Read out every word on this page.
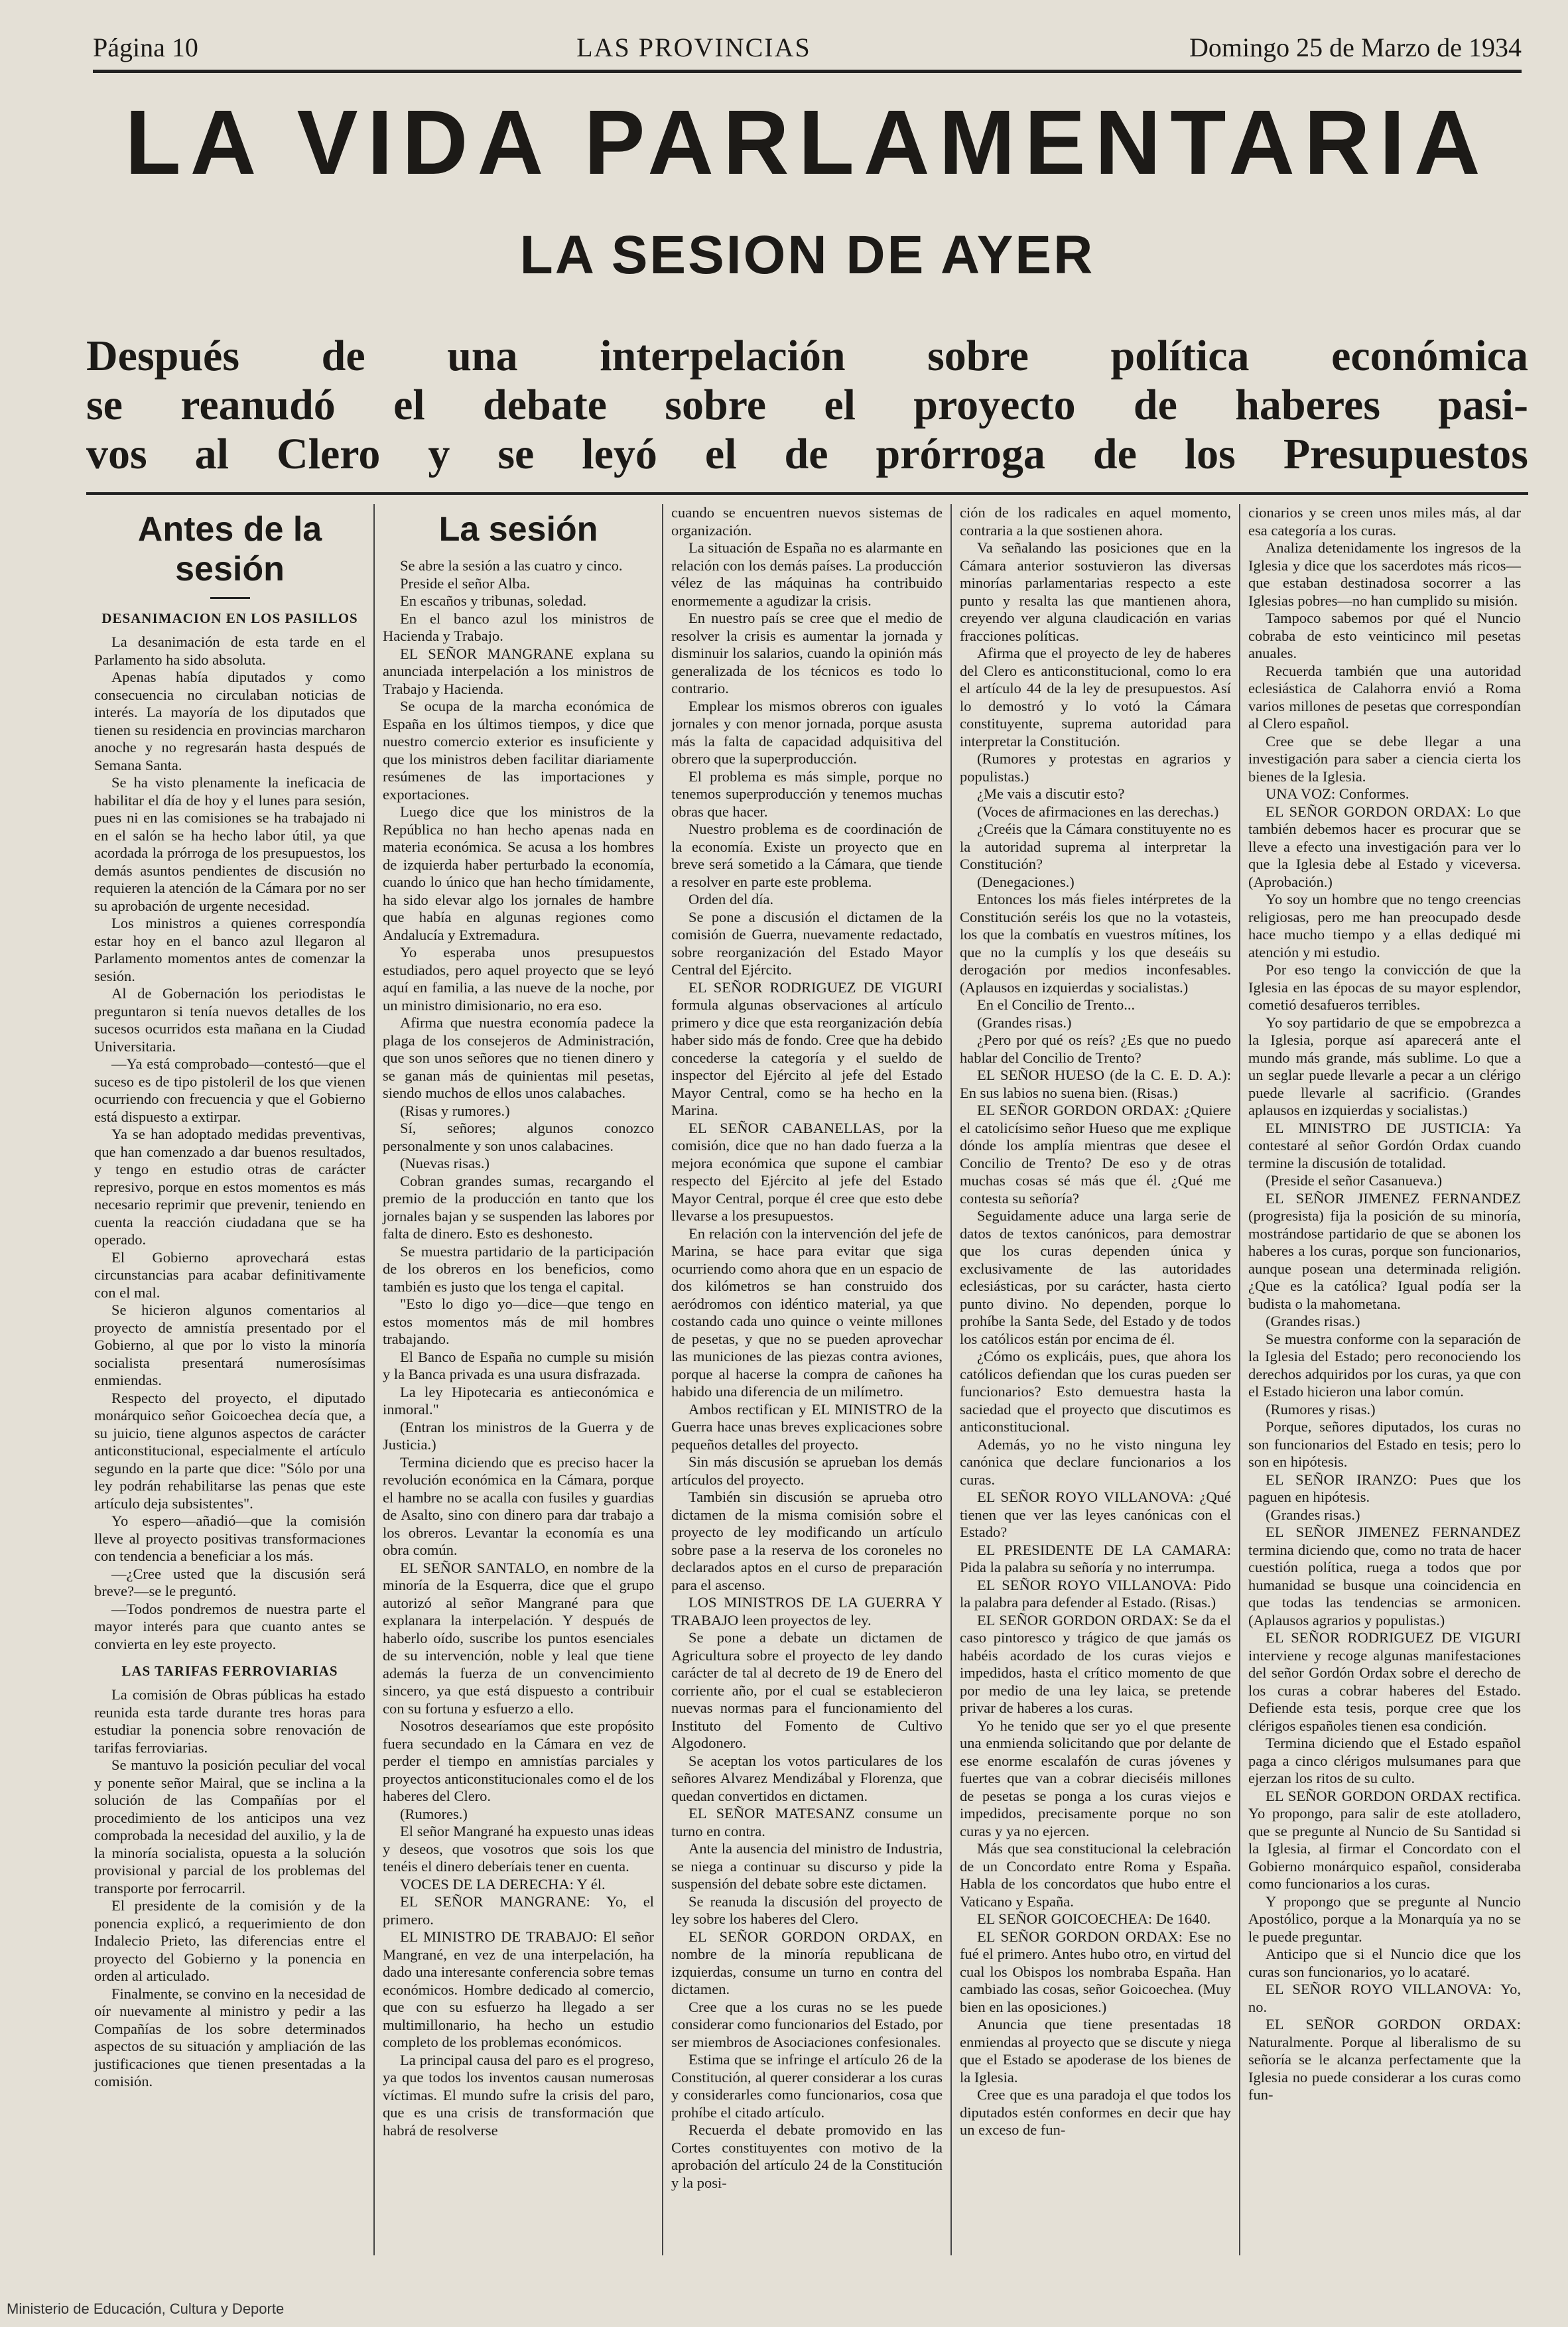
Página 10	LAS PROVINCIAS	Domingo 25 de Marzo de 1934
LA VIDA PARLAMENTARIA
LA SESION DE AYER
Después de una interpelación sobre política económica
se reanudó el debate sobre el proyecto de haberes pasi-
vos al Clero y se leyó el de prórroga de los Presupuestos
Antes de la sesión
DESANIMACION EN LOS PASILLOS

La desanimación de esta tarde en el Parlamento ha sido absoluta.

Apenas había diputados y como consecuencia no circulaban noticias de interés. La mayoría de los diputados que tienen su residencia en provincias marcharon anoche y no regresarán hasta después de Semana Santa.

Se ha visto plenamente la ineficacia de habilitar el día de hoy y el lunes para sesión, pues ni en las comisiones se ha trabajado ni en el salón se ha hecho labor útil, ya que acordada la prórroga de los presupuestos, los demás asuntos pendientes de discusión no requieren la atención de la Cámara por no ser su aprobación de urgente necesidad.

Los ministros a quienes correspondía estar hoy en el banco azul llegaron al Parlamento momentos antes de comenzar la sesión.

Al de Gobernación los periodistas le preguntaron si tenía nuevos detalles de los sucesos ocurridos esta mañana en la Ciudad Universitaria.

—Ya está comprobado—contestó—que el suceso es de tipo pistoleril de los que vienen ocurriendo con frecuencia y que el Gobierno está dispuesto a extirpar.

Ya se han adoptado medidas preventivas, que han comenzado a dar buenos resultados, y tengo en estudio otras de carácter represivo, porque en estos momentos es más necesario reprimir que prevenir, teniendo en cuenta la reacción ciudadana que se ha operado.

El Gobierno aprovechará estas circunstancias para acabar definitivamente con el mal.

Se hicieron algunos comentarios al proyecto de amnistía presentado por el Gobierno, al que por lo visto la minoría socialista presentará numerosísimas enmiendas.

Respecto del proyecto, el diputado monárquico señor Goicoechea decía que, a su juicio, tiene algunos aspectos de carácter anticonstitucional, especialmente el artículo segundo en la parte que dice: "Sólo por una ley podrán rehabilitarse las penas que este artículo deja subsistentes".

Yo espero—añadió—que la comisión lleve al proyecto positivas transformaciones con tendencia a beneficiar a los más.

—¿Cree usted que la discusión será breve?—se le preguntó.

—Todos pondremos de nuestra parte el mayor interés para que cuanto antes se convierta en ley este proyecto.

LAS TARIFAS FERROVIARIAS

La comisión de Obras públicas ha estado reunida esta tarde durante tres horas para estudiar la ponencia sobre renovación de tarifas ferroviarias.

Se mantuvo la posición peculiar del vocal y ponente señor Mairal, que se inclina a la solución de las Compañías por el procedimiento de los anticipos una vez comprobada la necesidad del auxilio, y la de la minoría socialista, opuesta a la solución provisional y parcial de los problemas del transporte por ferrocarril.

El presidente de la comisión y de la ponencia explicó, a requerimiento de don Indalecio Prieto, las diferencias entre el proyecto del Gobierno y la ponencia en orden al articulado.

Finalmente, se convino en la necesidad de oír nuevamente al ministro y pedir a las Compañías de los sobre determinados aspectos de su situación y ampliación de las justificaciones que tienen presentadas a la comisión.

La sesión

Se abre la sesión a las cuatro y cinco.

Preside el señor Alba.

En escaños y tribunas, soledad.

En el banco azul los ministros de Hacienda y Trabajo.

EL SEÑOR MANGRANE explana su anunciada interpelación a los ministros de Trabajo y Hacienda.

Se ocupa de la marcha económica de España en los últimos tiempos, y dice que nuestro comercio exterior es insuficiente y que los ministros deben facilitar diariamente resúmenes de las importaciones y exportaciones.

Luego dice que los ministros de la República no han hecho apenas nada en materia económica. Se acusa a los hombres de izquierda haber perturbado la economía, cuando lo único que han hecho tímidamente, ha sido elevar algo los jornales de hambre que había en algunas regiones como Andalucía y Extremadura.

Yo esperaba unos presupuestos estudiados, pero aquel proyecto que se leyó aquí en familia, a las nueve de la noche, por un ministro dimisionario, no era eso.

Afirma que nuestra economía padece la plaga de los consejeros de Administración, que son unos señores que no tienen dinero y se ganan más de quinientas mil pesetas, siendo muchos de ellos unos calabaches.

(Risas y rumores.)

Sí, señores; algunos conozco personalmente y son unos calabacines.

(Nuevas risas.)

Cobran grandes sumas, recargando el premio de la producción en tanto que los jornales bajan y se suspenden las labores por falta de dinero. Esto es deshonesto.

Se muestra partidario de la participación de los obreros en los beneficios, como también es justo que los tenga el capital.

"Esto lo digo yo—dice—que tengo en estos momentos más de mil hombres trabajando.

El Banco de España no cumple su misión y la Banca privada es una usura disfrazada.

La ley Hipotecaria es antieconómica e inmoral."

(Entran los ministros de la Guerra y de Justicia.)

Termina diciendo que es preciso hacer la revolución económica en la Cámara, porque el hambre no se acalla con fusiles y guardias de Asalto, sino con dinero para dar trabajo a los obreros. Levantar la economía es una obra común.

EL SEÑOR SANTALO, en nombre de la minoría de la Esquerra, dice que el grupo autorizó al señor Mangrané para que explanara la interpelación. Y después de haberlo oído, suscribe los puntos esenciales de su intervención, noble y leal que tiene además la fuerza de un convencimiento sincero, ya que está dispuesto a contribuir con su fortuna y esfuerzo a ello.

Nosotros desearíamos que este propósito fuera secundado en la Cámara en vez de perder el tiempo en amnistías parciales y proyectos anticonstitucionales como el de los haberes del Clero.

(Rumores.)

El señor Mangrané ha expuesto unas ideas y deseos, que vosotros que sois los que tenéis el dinero deberíais tener en cuenta.

VOCES DE LA DERECHA: Y él.

EL SEÑOR MANGRANE: Yo, el primero.

EL MINISTRO DE TRABAJO: El señor Mangrané, en vez de una interpelación, ha dado una interesante conferencia sobre temas económicos. Hombre dedicado al comercio, que con su esfuerzo ha llegado a ser multimillonario, ha hecho un estudio completo de los problemas económicos.

La principal causa del paro es el progreso, ya que todos los inventos causan numerosas víctimas. El mundo sufre la crisis del paro, que es una crisis de transformación que habrá de resolverse

cuando se encuentren nuevos sistemas de organización.

La situación de España no es alarmante en relación con los demás países. La producción vélez de las máquinas ha contribuido enormemente a agudizar la crisis.

En nuestro país se cree que el medio de resolver la crisis es aumentar la jornada y disminuir los salarios, cuando la opinión más generalizada de los técnicos es todo lo contrario.

Emplear los mismos obreros con iguales jornales y con menor jornada, porque asusta más la falta de capacidad adquisitiva del obrero que la superproducción.

El problema es más simple, porque no tenemos superproducción y tenemos muchas obras que hacer.

Nuestro problema es de coordinación de la economía. Existe un proyecto que en breve será sometido a la Cámara, que tiende a resolver en parte este problema.

Orden del día.

Se pone a discusión el dictamen de la comisión de Guerra, nuevamente redactado, sobre reorganización del Estado Mayor Central del Ejército.

EL SEÑOR RODRIGUEZ DE VIGURI formula algunas observaciones al artículo primero y dice que esta reorganización debía haber sido más de fondo. Cree que ha debido concederse la categoría y el sueldo de inspector del Ejército al jefe del Estado Mayor Central, como se ha hecho en la Marina.

EL SEÑOR CABANELLAS, por la comisión, dice que no han dado fuerza a la mejora económica que supone el cambiar respecto del Ejército al jefe del Estado Mayor Central, porque él cree que esto debe llevarse a los presupuestos.

En relación con la intervención del jefe de Marina, se hace para evitar que siga ocurriendo como ahora que en un espacio de dos kilómetros se han construido dos aeródromos con idéntico material, ya que costando cada uno quince o veinte millones de pesetas, y que no se pueden aprovechar las municiones de las piezas contra aviones, porque al hacerse la compra de cañones ha habido una diferencia de un milímetro.

Ambos rectifican y EL MINISTRO de la Guerra hace unas breves explicaciones sobre pequeños detalles del proyecto.

Sin más discusión se aprueban los demás artículos del proyecto.

También sin discusión se aprueba otro dictamen de la misma comisión sobre el proyecto de ley modificando un artículo sobre pase a la reserva de los coroneles no declarados aptos en el curso de preparación para el ascenso.

LOS MINISTROS DE LA GUERRA Y TRABAJO leen proyectos de ley.

Se pone a debate un dictamen de Agricultura sobre el proyecto de ley dando carácter de tal al decreto de 19 de Enero del corriente año, por el cual se establecieron nuevas normas para el funcionamiento del Instituto del Fomento de Cultivo Algodonero.

Se aceptan los votos particulares de los señores Alvarez Mendizábal y Florenza, que quedan convertidos en dictamen.

EL SEÑOR MATESANZ consume un turno en contra.

Ante la ausencia del ministro de Industria, se niega a continuar su discurso y pide la suspensión del debate sobre este dictamen.

Se reanuda la discusión del proyecto de ley sobre los haberes del Clero.

EL SEÑOR GORDON ORDAX, en nombre de la minoría republicana de izquierdas, consume un turno en contra del dictamen.

Cree que a los curas no se les puede considerar como funcionarios del Estado, por ser miembros de Asociaciones confesionales.

Estima que se infringe el artículo 26 de la Constitución, al querer considerar a los curas y considerarles como funcionarios, cosa que prohíbe el citado artículo.

Recuerda el debate promovido en las Cortes constituyentes con motivo de la aprobación del artículo 24 de la Constitución y la posi-

ción de los radicales en aquel momento, contraria a la que sostienen ahora.

Va señalando las posiciones que en la Cámara anterior sostuvieron las diversas minorías parlamentarias respecto a este punto y resalta las que mantienen ahora, creyendo ver alguna claudicación en varias fracciones políticas.

Afirma que el proyecto de ley de haberes del Clero es anticonstitucional, como lo era el artículo 44 de la ley de presupuestos. Así lo demostró y lo votó la Cámara constituyente, suprema autoridad para interpretar la Constitución.

(Rumores y protestas en agrarios y populistas.)

¿Me vais a discutir esto?

(Voces de afirmaciones en las derechas.)

¿Creéis que la Cámara constituyente no es la autoridad suprema al interpretar la Constitución?

(Denegaciones.)

Entonces los más fieles intérpretes de la Constitución seréis los que no la votasteis, los que la combatís en vuestros mítines, los que no la cumplís y los que deseáis su derogación por medios inconfesables. (Aplausos en izquierdas y socialistas.)

En el Concilio de Trento...

(Grandes risas.)

¿Pero por qué os reís? ¿Es que no puedo hablar del Concilio de Trento?

EL SEÑOR HUESO (de la C. E. D. A.): En sus labios no suena bien. (Risas.)

EL SEÑOR GORDON ORDAX: ¿Quiere el catolicísimo señor Hueso que me explique dónde los amplía mientras que desee el Concilio de Trento? De eso y de otras muchas cosas sé más que él. ¿Qué me contesta su señoría?

Seguidamente aduce una larga serie de datos de textos canónicos, para demostrar que los curas dependen única y exclusivamente de las autoridades eclesiásticas, por su carácter, hasta cierto punto divino. No dependen, porque lo prohíbe la Santa Sede, del Estado y de todos los católicos están por encima de él.

¿Cómo os explicáis, pues, que ahora los católicos defiendan que los curas pueden ser funcionarios? Esto demuestra hasta la saciedad que el proyecto que discutimos es anticonstitucional.

Además, yo no he visto ninguna ley canónica que declare funcionarios a los curas.

EL SEÑOR ROYO VILLANOVA: ¿Qué tienen que ver las leyes canónicas con el Estado?

EL PRESIDENTE DE LA CAMARA: Pida la palabra su señoría y no interrumpa.

EL SEÑOR ROYO VILLANOVA: Pido la palabra para defender al Estado. (Risas.)

EL SEÑOR GORDON ORDAX: Se da el caso pintoresco y trágico de que jamás os habéis acordado de los curas viejos e impedidos, hasta el crítico momento de que por medio de una ley laica, se pretende privar de haberes a los curas.

Yo he tenido que ser yo el que presente una enmienda solicitando que por delante de ese enorme escalafón de curas jóvenes y fuertes que van a cobrar dieciséis millones de pesetas se ponga a los curas viejos e impedidos, precisamente porque no son curas y ya no ejercen.

Más que sea constitucional la celebración de un Concordato entre Roma y España. Habla de los concordatos que hubo entre el Vaticano y España.

EL SEÑOR GOICOECHEA: De 1640.

EL SEÑOR GORDON ORDAX: Ese no fué el primero. Antes hubo otro, en virtud del cual los Obispos los nombraba España. Han cambiado las cosas, señor Goicoechea. (Muy bien en las oposiciones.)

Anuncia que tiene presentadas 18 enmiendas al proyecto que se discute y niega que el Estado se apoderase de los bienes de la Iglesia.

Cree que es una paradoja el que todos los diputados estén conformes en decir que hay un exceso de fun-

cionarios y se creen unos miles más, al dar esa categoría a los curas.

Analiza detenidamente los ingresos de la Iglesia y dice que los sacerdotes más ricos—que estaban destinadosa socorrer a las Iglesias pobres—no han cumplido su misión.

Tampoco sabemos por qué el Nuncio cobraba de esto veinticinco mil pesetas anuales.

Recuerda también que una autoridad eclesiástica de Calahorra envió a Roma varios millones de pesetas que correspondían al Clero español.

Cree que se debe llegar a una investigación para saber a ciencia cierta los bienes de la Iglesia.

UNA VOZ: Conformes.

EL SEÑOR GORDON ORDAX: Lo que también debemos hacer es procurar que se lleve a efecto una investigación para ver lo que la Iglesia debe al Estado y viceversa. (Aprobación.)

Yo soy un hombre que no tengo creencias religiosas, pero me han preocupado desde hace mucho tiempo y a ellas dediqué mi atención y mi estudio.

Por eso tengo la convicción de que la Iglesia en las épocas de su mayor esplendor, cometió desafueros terribles.

Yo soy partidario de que se empobrezca a la Iglesia, porque así aparecerá ante el mundo más grande, más sublime. Lo que a un seglar puede llevarle a pecar a un clérigo puede llevarle al sacrificio. (Grandes aplausos en izquierdas y socialistas.)

EL MINISTRO DE JUSTICIA: Ya contestaré al señor Gordón Ordax cuando termine la discusión de totalidad.

(Preside el señor Casanueva.)

EL SEÑOR JIMENEZ FERNANDEZ (progresista) fija la posición de su minoría, mostrándose partidario de que se abonen los haberes a los curas, porque son funcionarios, aunque posean una determinada religión. ¿Que es la católica? Igual podía ser la budista o la mahometana.

(Grandes risas.)

Se muestra conforme con la separación de la Iglesia del Estado; pero reconociendo los derechos adquiridos por los curas, ya que con el Estado hicieron una labor común.

(Rumores y risas.)

Porque, señores diputados, los curas no son funcionarios del Estado en tesis; pero lo son en hipótesis.

EL SEÑOR IRANZO: Pues que los paguen en hipótesis.

(Grandes risas.)

EL SEÑOR JIMENEZ FERNANDEZ termina diciendo que, como no trata de hacer cuestión política, ruega a todos que por humanidad se busque una coincidencia en que todas las tendencias se armonicen. (Aplausos agrarios y populistas.)

EL SEÑOR RODRIGUEZ DE VIGURI interviene y recoge algunas manifestaciones del señor Gordón Ordax sobre el derecho de los curas a cobrar haberes del Estado. Defiende esta tesis, porque cree que los clérigos españoles tienen esa condición.

Termina diciendo que el Estado español paga a cinco clérigos mulsumanes para que ejerzan los ritos de su culto.

EL SEÑOR GORDON ORDAX rectifica. Yo propongo, para salir de este atolladero, que se pregunte al Nuncio de Su Santidad si la Iglesia, al firmar el Concordato con el Gobierno monárquico español, consideraba como funcionarios a los curas.

Y propongo que se pregunte al Nuncio Apostólico, porque a la Monarquía ya no se le puede preguntar.

Anticipo que si el Nuncio dice que los curas son funcionarios, yo lo acataré.

EL SEÑOR ROYO VILLANOVA: Yo, no.

EL SEÑOR GORDON ORDAX: Naturalmente. Porque al liberalismo de su señoría se le alcanza perfectamente que la Iglesia no puede considerar a los curas como fun-

Ministerio de Educación, Cultura y Deporte
